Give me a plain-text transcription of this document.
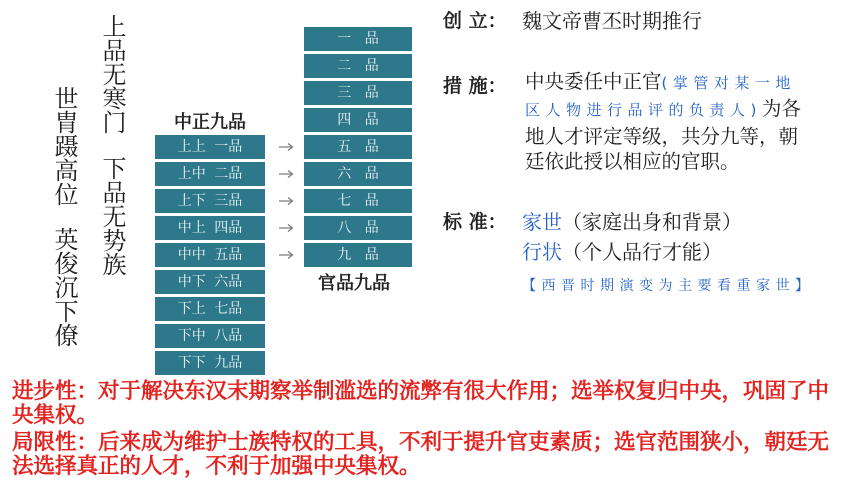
上品无寒门
下品无势族
世胄蹑高位
英俊沉下僚
中正九品
上上 一品
上中 二品
上下 三品
中上 四品
中中 五品
中下 六品
下上 七品
下中 八品
下下 九品
一 品
二 品
三 品
四 品
五 品
六 品
七 品
八 品
九 品
官品九品
创 立： 魏文帝曹丕时期推行
措 施： 中央委任中正官(掌管对某一地区人物进行品评的负责人)为各地人才评定等级，共分九等，朝廷依此授以相应的官职。
标 准： 家世（家庭出身和背景）
行状（个人品行才能）
【西晋时期演变为主要看重家世】
进步性：对于解决东汉末期察举制滥选的流弊有很大作用；选举权复归中央，巩固了中央集权。
局限性：后来成为维护士族特权的工具，不利于提升官吏素质；选官范围狭小，朝廷无法选择真正的人才，不利于加强中央集权。
